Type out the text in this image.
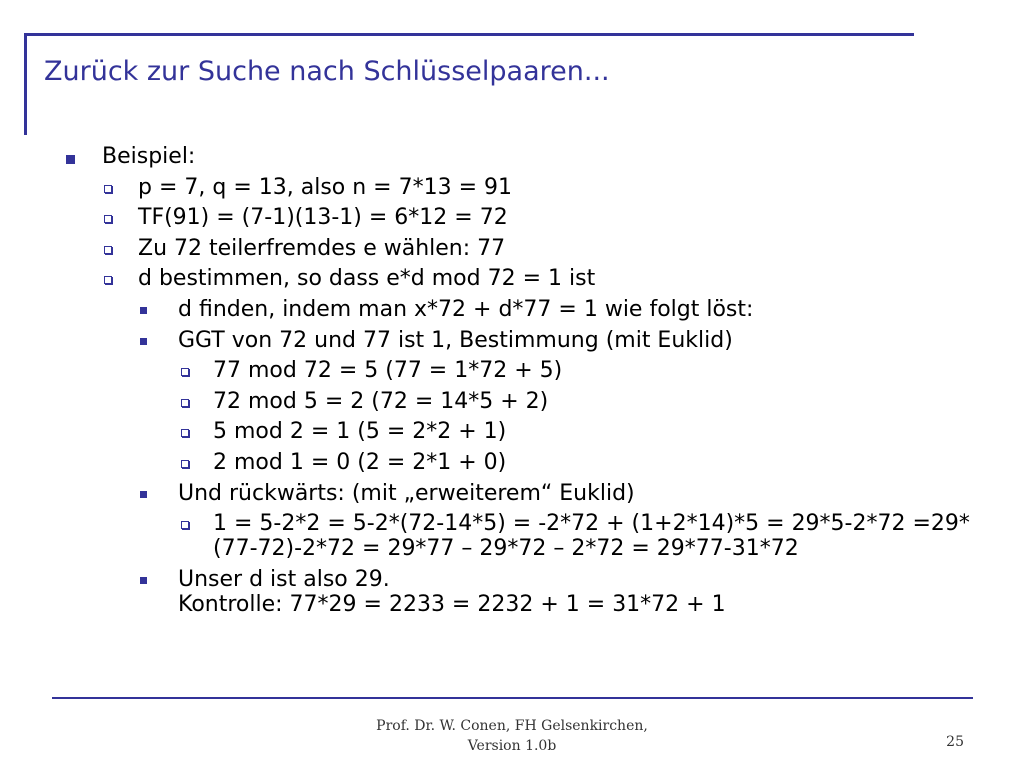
Zurück zur Suche nach Schlüsselpaaren...
Beispiel:
p = 7, q = 13, also n = 7*13 = 91
TF(91) = (7-1)(13-1) = 6*12 = 72
Zu 72 teilerfremdes e wählen: 77
d bestimmen, so dass e*d mod 72 = 1 ist
d finden, indem man x*72 + d*77 = 1 wie folgt löst:
GGT von 72 und 77 ist 1, Bestimmung (mit Euklid)
77 mod 72 = 5 (77 = 1*72 + 5)
72 mod 5 = 2 (72 = 14*5 + 2)
5 mod 2 = 1 (5 = 2*2 + 1)
2 mod 1 = 0 (2 = 2*1 + 0)
Und rückwärts: (mit „erweiterem“ Euklid)
1 = 5-2*2 = 5-2*(72-14*5) = -2*72 + (1+2*14)*5 = 29*5-2*72 =29*(77-72)-2*72 = 29*77 – 29*72 – 2*72 = 29*77-31*72
Unser d ist also 29.
Kontrolle: 77*29 = 2233 = 2232 + 1 = 31*72 + 1
Prof. Dr. W. Conen, FH Gelsenkirchen,
Version 1.0b	25
